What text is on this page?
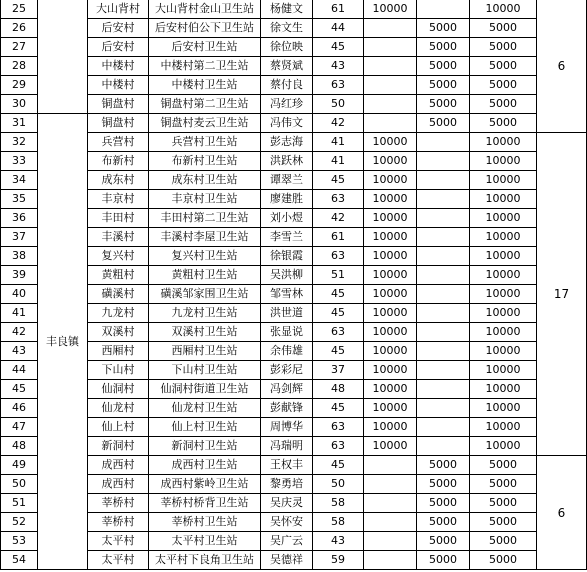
25		大山背村	大山背村金山卫生站	杨健文	61	10000		10000	6
26		后安村	后安村伯公下卫生站	徐文生	44		5000	5000	
27		后安村	后安村卫生站	徐位映	45		5000	5000	
28		中楼村	中楼村第二卫生站	蔡贤斌	43		5000	5000	
29		中楼村	中楼村卫生站	蔡付良	63		5000	5000	
30		铜盘村	铜盘村第二卫生站	冯红珍	50		5000	5000	
31	丰良镇	铜盘村	铜盘村麦云卫生站	冯伟文	42		5000	5000	
32		兵营村	兵营村卫生站	彭志海	41	10000		10000	17
33		布新村	布新村卫生站	洪跃林	41	10000		10000	
34		成东村	成东村卫生站	谭翠兰	45	10000		10000	
35		丰京村	丰京村卫生站	廖建胜	63	10000		10000	
36		丰田村	丰田村第二卫生站	刘小煜	42	10000		10000	
37		丰溪村	丰溪村李屋卫生站	李雪兰	61	10000		10000	
38		复兴村	复兴村卫生站	徐银霞	63	10000		10000	
39		黄粗村	黄粗村卫生站	吴洪柳	51	10000		10000	
40		磺溪村	磺溪邹家围卫生站	邹雪林	45	10000		10000	
41		九龙村	九龙村卫生站	洪世道	45	10000		10000	
42		双溪村	双溪村卫生站	张显说	63	10000		10000	
43		西厢村	西厢村卫生站	余伟雄	45	10000		10000	
44		下山村	下山村卫生站	彭彩尼	37	10000		10000	
45		仙洞村	仙洞村街道卫生站	冯剑辉	48	10000		10000	
46		仙龙村	仙龙村卫生站	彭献锋	45	10000		10000	
47		仙上村	仙上村卫生站	周博华	63	10000		10000	
48		新洞村	新洞村卫生站	冯瑞明	63	10000		10000	
49		成西村	成西村卫生站	王权丰	45		5000	5000	6
50		成西村	成西村紫岭卫生站	黎勇培	50		5000	5000	
51		莘桥村	莘桥村桥背卫生站	吴庆灵	58		5000	5000	
52		莘桥村	莘桥村卫生站	吴怀安	58		5000	5000	
53		太平村	太平村卫生站	吴广云	43		5000	5000	
54		太平村	太平村下良角卫生站	吴德祥	59		5000	5000	
